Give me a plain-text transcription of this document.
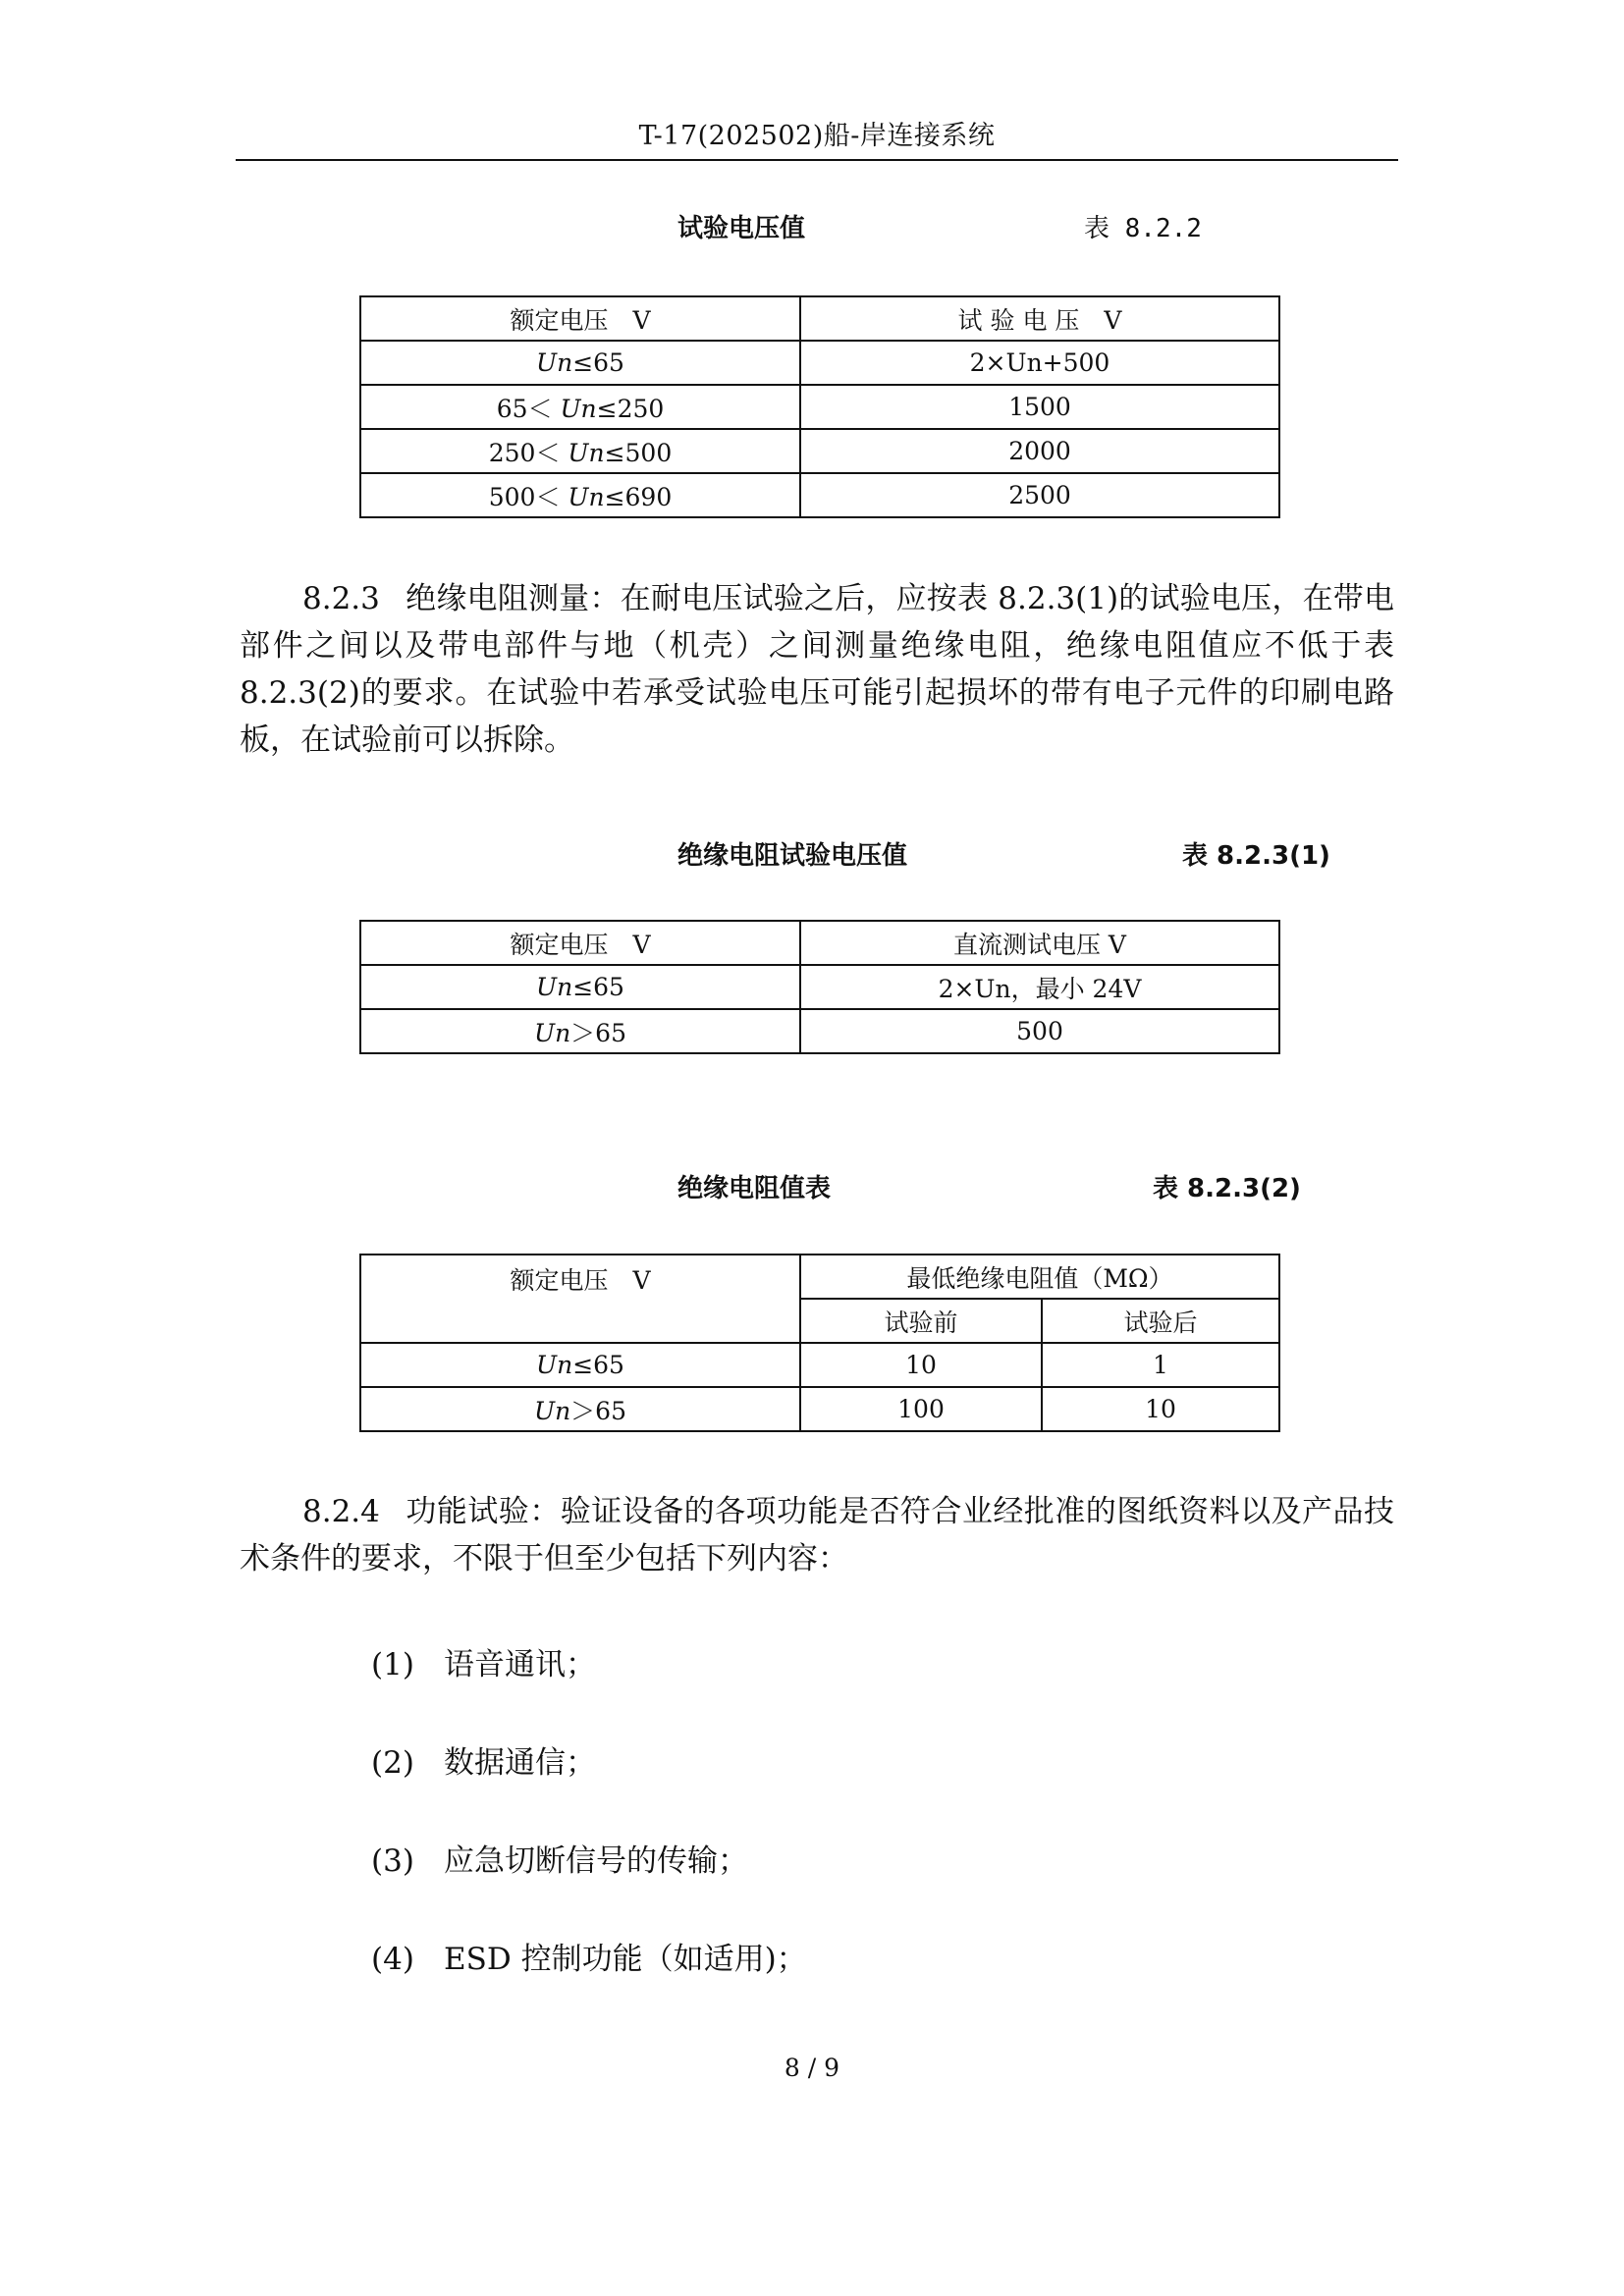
T-17(202502)船-岸连接系统
试验电压值	表 8.2.2
额定电压　V	试 验 电 压　V
Un≤65	2×Un+500
65＜ Un≤250	1500
250＜ Un≤500	2000
500＜ Un≤690	2500
8.2.3 绝缘电阻测量：在耐电压试验之后，应按表 8.2.3(1)的试验电压，在带电部件之间以及带电部件与地（机壳）之间测量绝缘电阻，绝缘电阻值应不低于表 8.2.3(2)的要求。在试验中若承受试验电压可能引起损坏的带有电子元件的印刷电路板，在试验前可以拆除。
绝缘电阻试验电压值	表 8.2.3(1)
额定电压　V	直流测试电压 V
Un≤65	2×Un，最小 24V
Un＞65	500
绝缘电阻值表	表 8.2.3(2)
额定电压　V	最低绝缘电阻值（MΩ）	
	试验前	试验后
Un≤65	10	1
Un＞65	100	10
8.2.4 功能试验：验证设备的各项功能是否符合业经批准的图纸资料以及产品技术条件的要求，不限于但至少包括下列内容：
(1) 语音通讯；
(2) 数据通信；
(3) 应急切断信号的传输；
(4) ESD 控制功能（如适用)；
8 / 9
